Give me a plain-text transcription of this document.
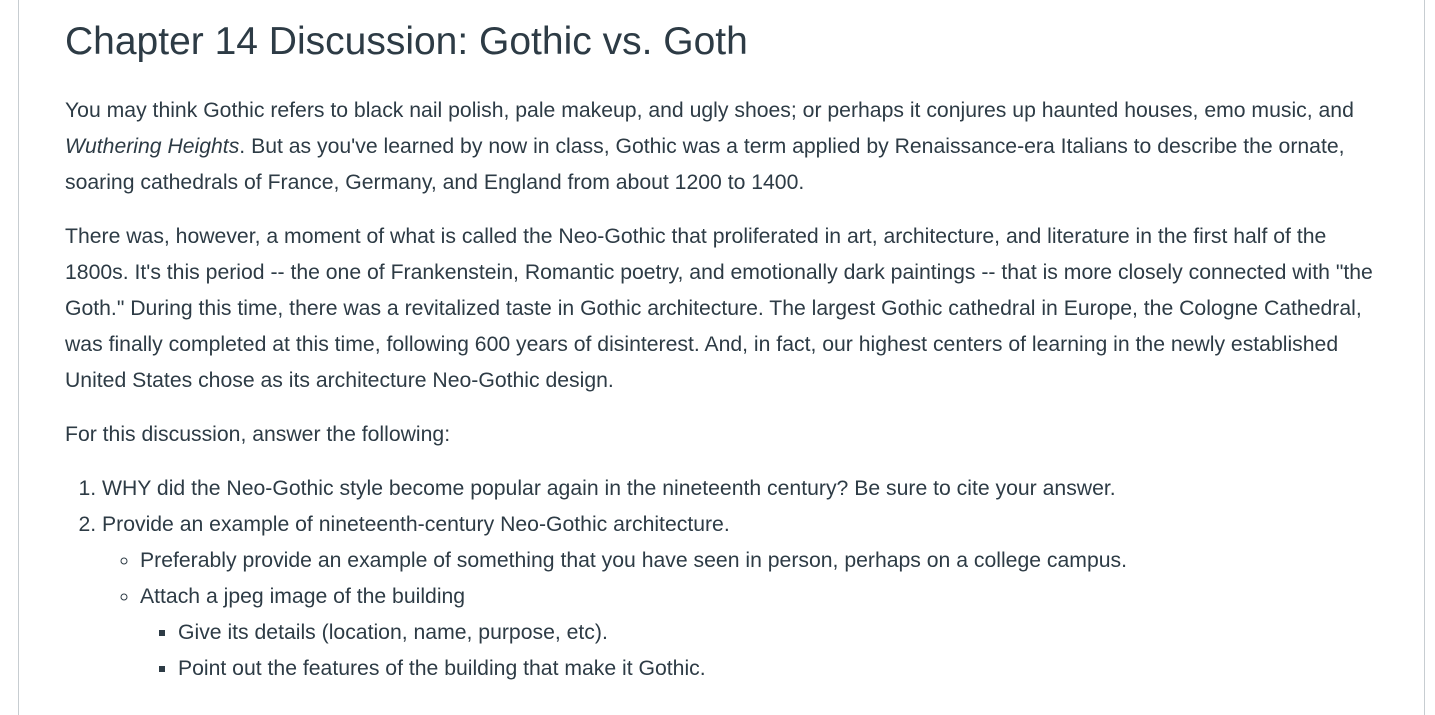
Chapter 14 Discussion: Gothic vs. Goth

You may think Gothic refers to black nail polish, pale makeup, and ugly shoes; or perhaps it conjures up haunted houses, emo music, and Wuthering Heights. But as you've learned by now in class, Gothic was a term applied by Renaissance-era Italians to describe the ornate, soaring cathedrals of France, Germany, and England from about 1200 to 1400.

There was, however, a moment of what is called the Neo-Gothic that proliferated in art, architecture, and literature in the first half of the 1800s. It's this period -- the one of Frankenstein, Romantic poetry, and emotionally dark paintings -- that is more closely connected with "the Goth." During this time, there was a revitalized taste in Gothic architecture. The largest Gothic cathedral in Europe, the Cologne Cathedral, was finally completed at this time, following 600 years of disinterest. And, in fact, our highest centers of learning in the newly established United States chose as its architecture Neo-Gothic design.

For this discussion, answer the following:

1. WHY did the Neo-Gothic style become popular again in the nineteenth century? Be sure to cite your answer.
2. Provide an example of nineteenth-century Neo-Gothic architecture.
◦ Preferably provide an example of something that you have seen in person, perhaps on a college campus.
◦ Attach a jpeg image of the building
▪ Give its details (location, name, purpose, etc).
▪ Point out the features of the building that make it Gothic.
